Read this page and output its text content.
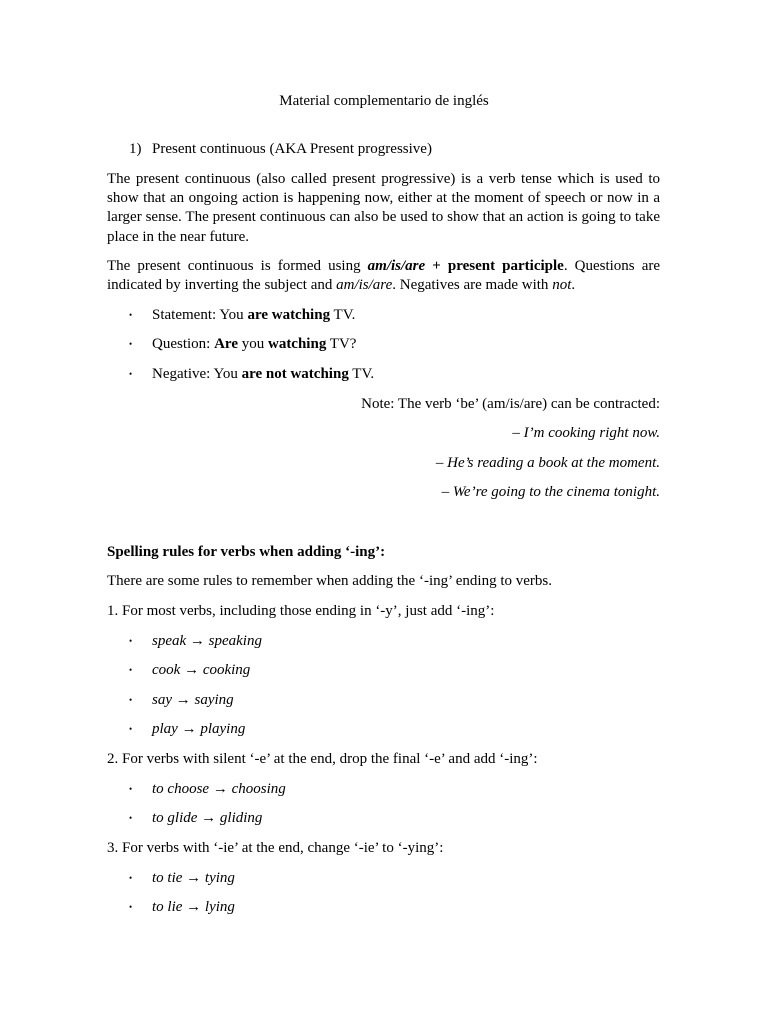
Material complementario de inglés
1) Present continuous (AKA Present progressive)
The present continuous (also called present progressive) is a verb tense which is used to
show that an ongoing action is happening now, either at the moment of speech or now in a
larger sense. The present continuous can also be used to show that an action is going to take
place in the near future.
The present continuous is formed using am/is/are + present participle. Questions are
indicated by inverting the subject and am/is/are. Negatives are made with not.
• Statement: You are watching TV.
• Question: Are you watching TV?
• Negative: You are not watching TV.
Note: The verb ‘be’ (am/is/are) can be contracted:
– I’m cooking right now.
– He’s reading a book at the moment.
– We’re going to the cinema tonight.
Spelling rules for verbs when adding ‘-ing’:
There are some rules to remember when adding the ‘-ing’ ending to verbs.
1. For most verbs, including those ending in ‘-y’, just add ‘-ing’:
• speak → speaking
• cook → cooking
• say → saying
• play → playing
2. For verbs with silent ‘-e’ at the end, drop the final ‘-e’ and add ‘-ing’:
• to choose → choosing
• to glide → gliding
3. For verbs with ‘-ie’ at the end, change ‘-ie’ to ‘-ying’:
• to tie → tying
• to lie → lying
